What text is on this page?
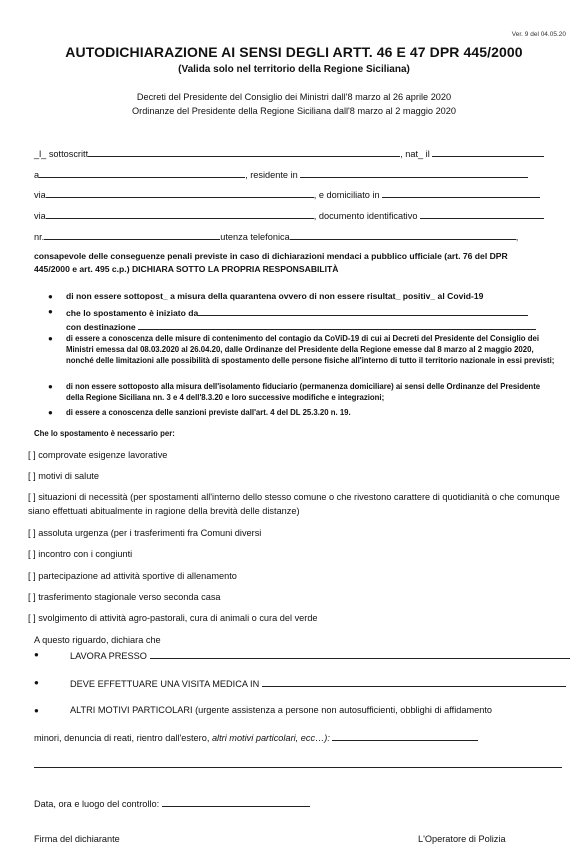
Ver. 9 del 04.05.20
AUTODICHIARAZIONE AI SENSI DEGLI ARTT. 46 E 47 DPR 445/2000
(Valida solo nel territorio della Regione Siciliana)
Decreti del Presidente del Consiglio dei Ministri dall'8 marzo al 26 aprile 2020
Ordinanze del Presidente della Regione Siciliana dall'8 marzo al 2 maggio 2020
_l_ sottoscritt	, nat_ il
a	, residente in
via	, e domiciliato in
via	, documento identificativo
nr.	utenza telefonica	,
consapevole delle conseguenze penali previste in caso di dichiarazioni mendaci a pubblico ufficiale (art. 76 del DPR
445/2000 e art. 495 c.p.) DICHIARA SOTTO LA PROPRIA RESPONSABILITÀ
● di non essere sottopost_ a misura della quarantena ovvero di non essere risultat_ positiv_ al Covid-19
● che lo spostamento è iniziato da
con destinazione
● di essere a conoscenza delle misure di contenimento del contagio da CoViD-19 di cui ai Decreti del Presidente del Consiglio dei Ministri emessa dal 08.03.2020 al 26.04.20, dalle Ordinanze del Presidente della Regione emesse dal 8 marzo al 2 maggio 2020, nonché delle limitazioni alle possibilità di spostamento delle persone fisiche all'interno di tutto il territorio nazionale in essi previsti;
● di non essere sottoposto alla misura dell'isolamento fiduciario (permanenza domiciliare) ai sensi delle Ordinanze del Presidente della Regione Siciliana nn. 3 e 4 dell'8.3.20 e loro successive modifiche e integrazioni;
● di essere a conoscenza delle sanzioni previste dall'art. 4 del DL 25.3.20 n. 19.
Che lo spostamento è necessario per:
[ ] comprovate esigenze lavorative
[ ] motivi di salute
[ ] situazioni di necessità (per spostamenti all'interno dello stesso comune o che rivestono carattere di quotidianità o che comunque siano effettuati abitualmente in ragione della brevità delle distanze)
[ ] assoluta urgenza (per i trasferimenti fra Comuni diversi
[ ] incontro con i congiunti
[ ] partecipazione ad attività sportive di allenamento
[ ] trasferimento stagionale verso seconda casa
[ ] svolgimento di attività agro-pastorali, cura di animali o cura del verde
A questo riguardo, dichiara che
●	LAVORA PRESSO
●	DEVE EFFETTUARE UNA VISITA MEDICA IN
●	ALTRI MOTIVI PARTICOLARI (urgente assistenza a persone non autosufficienti, obblighi di affidamento
minori, denuncia di reati, rientro dall'estero, altri motivi particolari, ecc…):
Data, ora e luogo del controllo:
Firma del dichiarante	L'Operatore di Polizia
